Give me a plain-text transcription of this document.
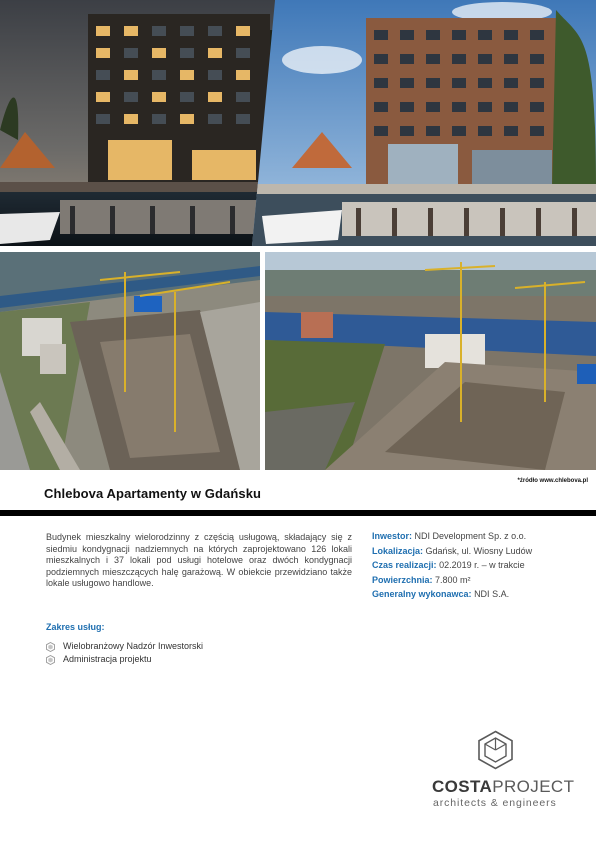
*źródło www.chlebova.pl
Chlebova Apartamenty w Gdańsku

Budynek mieszkalny wielorodzinny z częścią usługową, składający się z siedmiu kondygnacji nadziemnych na których zaprojektowano 126 lokali mieszkalnych i 37 lokali pod usługi hotelowe oraz dwóch kondygnacji podziemnych mieszczących halę garażową. W obiekcie przewidziano także lokale usługowo handlowe.

Inwestor: NDI Development Sp. z o.o.
Lokalizacja: Gdańsk, ul. Wiosny Ludów
Czas realizacji: 02.2019 r. – w trakcie
Powierzchnia: 7.800 m²
Generalny wykonawca: NDI S.A.
Zakres usług:
Wielobranżowy Nadzór Inwestorski
Administracja projektu
COSTAPROJECT
architects & engineers
